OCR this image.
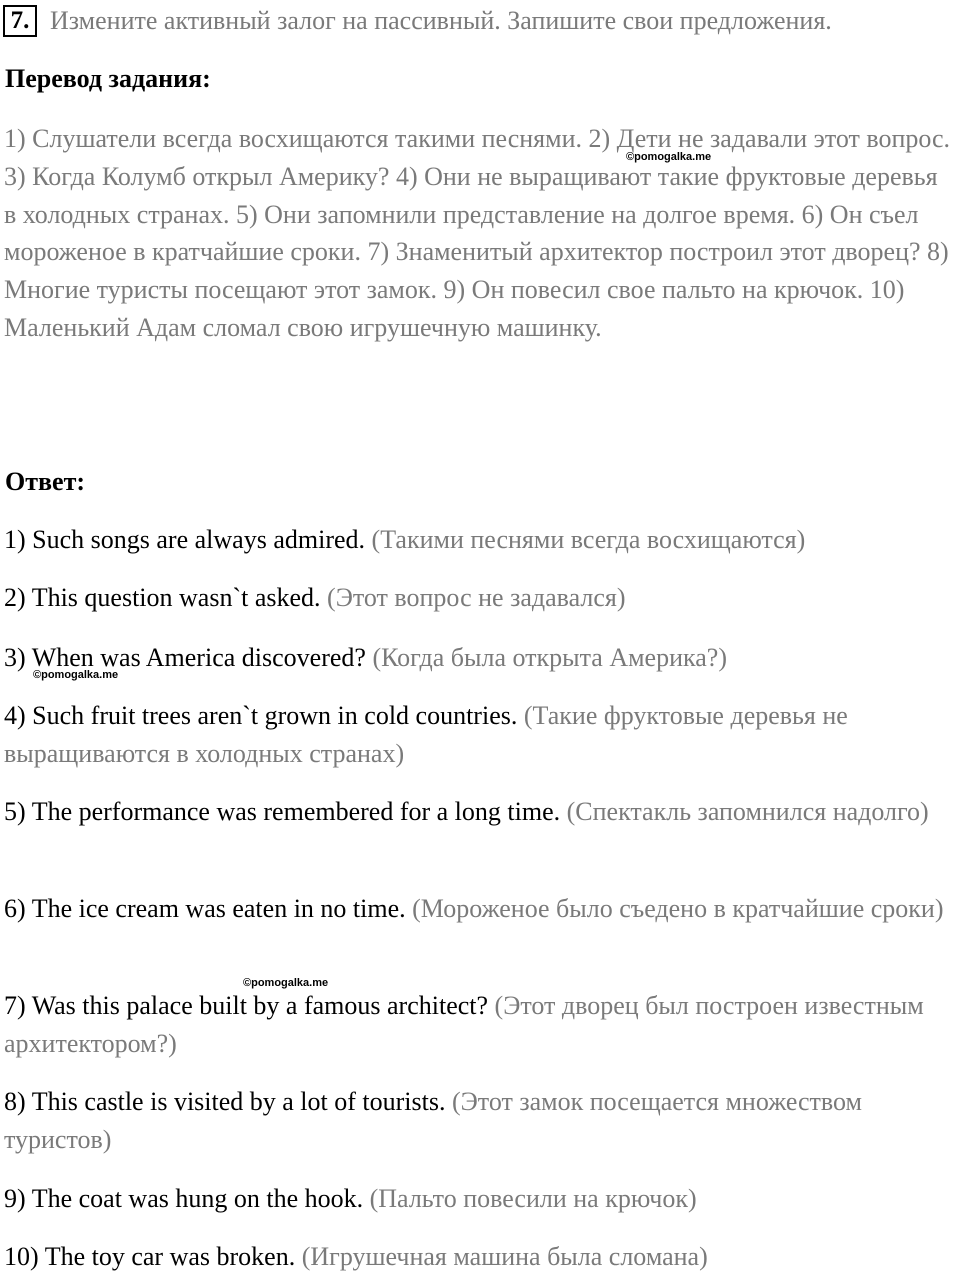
7. Измените активный залог на пассивный. Запишите свои предложения.
Перевод задания:

1) Слушатели всегда восхищаются такими песнями. 2) Дети не задавали этот вопрос. 3) Когда Колумб открыл Америку? 4) Они не выращивают такие фруктовые деревья в холодных странах. 5) Они запомнили представление на долгое время. 6) Он съел мороженое в кратчайшие сроки. 7) Знаменитый архитектор построил этот дворец? 8) Многие туристы посещают этот замок. 9) Он повесил свое пальто на крючок. 10) Маленький Адам сломал свою игрушечную машинку.

Ответ:

1) Such songs are always admired. (Такими песнями всегда восхищаются)

2) This question wasn`t asked. (Этот вопрос не задавался)

3) When was America discovered? (Когда была открыта Америка?)

4) Such fruit trees aren`t grown in cold countries. (Такие фруктовые деревья не выращиваются в холодных странах)

5) The performance was remembered for a long time. (Спектакль запомнился надолго)

6) The ice cream was eaten in no time. (Мороженое было съедено в кратчайшие сроки)

7) Was this palace built by a famous architect? (Этот дворец был построен известным архитектором?)

8) This castle is visited by a lot of tourists. (Этот замок посещается множеством туристов)

9) The coat was hung on the hook. (Пальто повесили на крючок)

10) The toy car was broken. (Игрушечная машина была сломана)

©pomogalka.me
©pomogalka.me
©pomogalka.me
